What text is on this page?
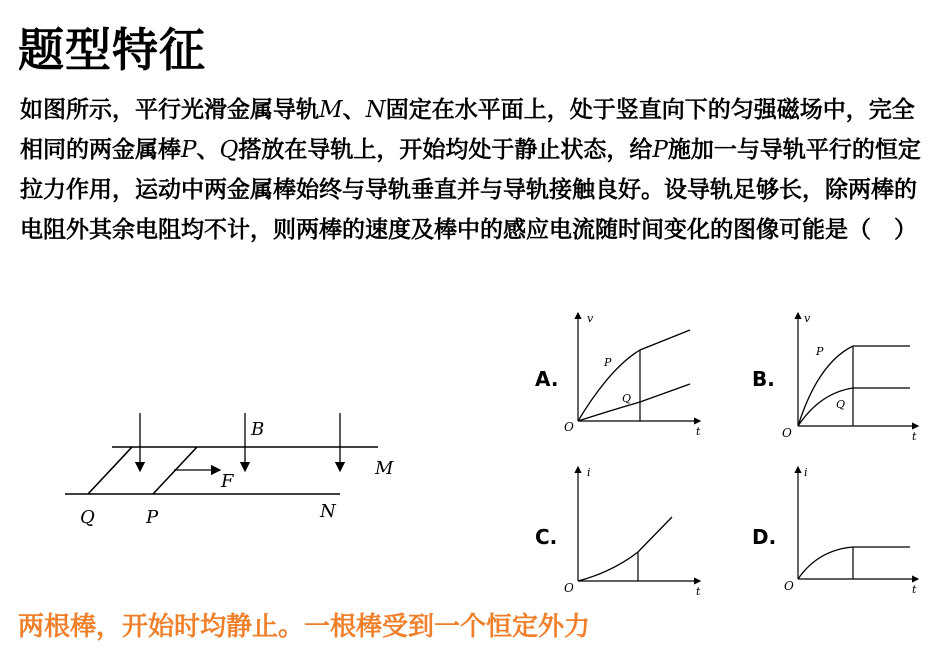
题型特征
如图所示，平行光滑金属导轨M、N固定在水平面上，处于竖直向下的匀强磁场中，完全相同的两金属棒P、Q搭放在导轨上，开始均处于静止状态，给P施加一与导轨平行的恒定拉力作用，运动中两金属棒始终与导轨垂直并与导轨接触良好。设导轨足够长，除两棒的电阻外其余电阻均不计，则两棒的速度及棒中的感应电流随时间变化的图像可能是（　）
B
F
M
N
Q	P
A.
v
t
O
P
Q
B.
v
t
O
P
Q
C.
i
t
O
D.
i
t
O
两根棒，开始时均静止。一根棒受到一个恒定外力
